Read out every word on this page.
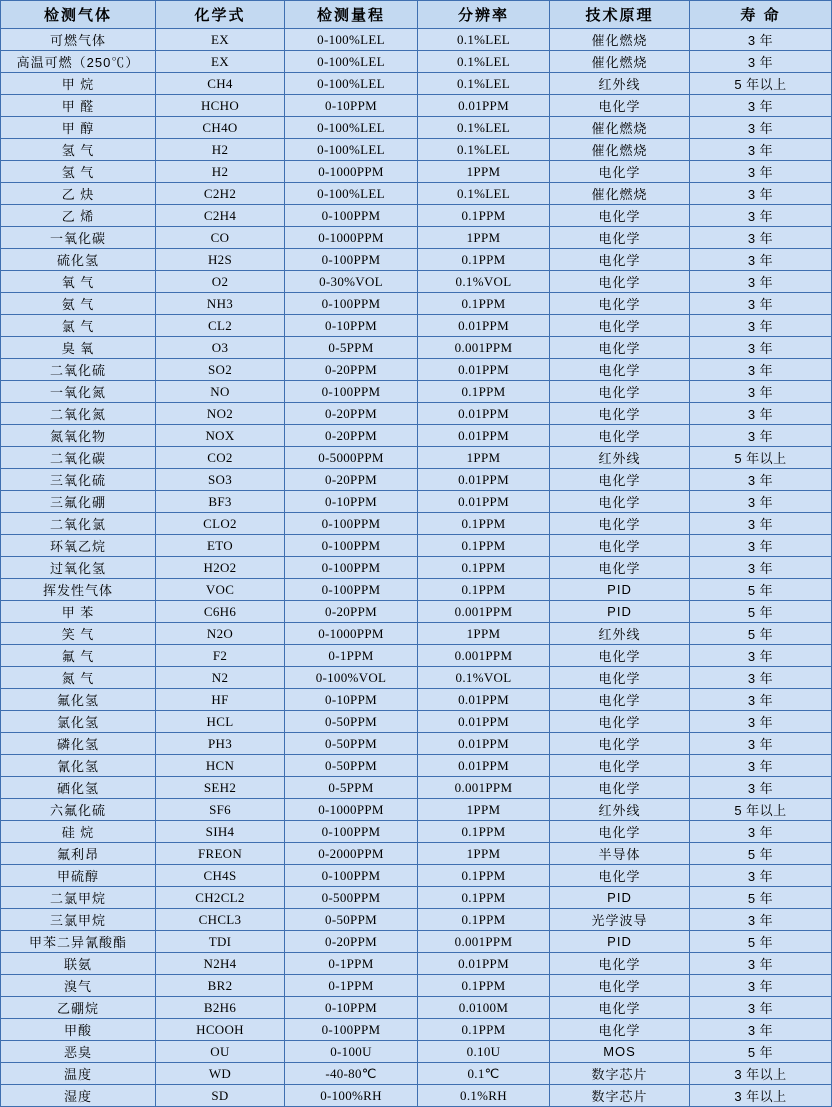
检测气体	化学式	检测量程	分辨率	技术原理	寿 命
可燃气体	EX	0-100%LEL	0.1%LEL	催化燃烧	3 年
高温可燃（250℃）	EX	0-100%LEL	0.1%LEL	催化燃烧	3 年
甲 烷	CH4	0-100%LEL	0.1%LEL	红外线	5 年以上
甲 醛	HCHO	0-10PPM	0.01PPM	电化学	3 年
甲 醇	CH4O	0-100%LEL	0.1%LEL	催化燃烧	3 年
氢 气	H2	0-100%LEL	0.1%LEL	催化燃烧	3 年
氢 气	H2	0-1000PPM	1PPM	电化学	3 年
乙 炔	C2H2	0-100%LEL	0.1%LEL	催化燃烧	3 年
乙 烯	C2H4	0-100PPM	0.1PPM	电化学	3 年
一氧化碳	CO	0-1000PPM	1PPM	电化学	3 年
硫化氢	H2S	0-100PPM	0.1PPM	电化学	3 年
氧 气	O2	0-30%VOL	0.1%VOL	电化学	3 年
氨 气	NH3	0-100PPM	0.1PPM	电化学	3 年
氯 气	CL2	0-10PPM	0.01PPM	电化学	3 年
臭 氧	O3	0-5PPM	0.001PPM	电化学	3 年
二氧化硫	SO2	0-20PPM	0.01PPM	电化学	3 年
一氧化氮	NO	0-100PPM	0.1PPM	电化学	3 年
二氧化氮	NO2	0-20PPM	0.01PPM	电化学	3 年
氮氧化物	NOX	0-20PPM	0.01PPM	电化学	3 年
二氧化碳	CO2	0-5000PPM	1PPM	红外线	5 年以上
三氧化硫	SO3	0-20PPM	0.01PPM	电化学	3 年
三氟化硼	BF3	0-10PPM	0.01PPM	电化学	3 年
二氧化氯	CLO2	0-100PPM	0.1PPM	电化学	3 年
环氧乙烷	ETO	0-100PPM	0.1PPM	电化学	3 年
过氧化氢	H2O2	0-100PPM	0.1PPM	电化学	3 年
挥发性气体	VOC	0-100PPM	0.1PPM	PID	5 年
甲 苯	C6H6	0-20PPM	0.001PPM	PID	5 年
笑 气	N2O	0-1000PPM	1PPM	红外线	5 年
氟 气	F2	0-1PPM	0.001PPM	电化学	3 年
氮 气	N2	0-100%VOL	0.1%VOL	电化学	3 年
氟化氢	HF	0-10PPM	0.01PPM	电化学	3 年
氯化氢	HCL	0-50PPM	0.01PPM	电化学	3 年
磷化氢	PH3	0-50PPM	0.01PPM	电化学	3 年
氰化氢	HCN	0-50PPM	0.01PPM	电化学	3 年
硒化氢	SEH2	0-5PPM	0.001PPM	电化学	3 年
六氟化硫	SF6	0-1000PPM	1PPM	红外线	5 年以上
硅 烷	SIH4	0-100PPM	0.1PPM	电化学	3 年
氟利昂	FREON	0-2000PPM	1PPM	半导体	5 年
甲硫醇	CH4S	0-100PPM	0.1PPM	电化学	3 年
二氯甲烷	CH2CL2	0-500PPM	0.1PPM	PID	5 年
三氯甲烷	CHCL3	0-50PPM	0.1PPM	光学波导	3 年
甲苯二异氰酸酯	TDI	0-20PPM	0.001PPM	PID	5 年
联氨	N2H4	0-1PPM	0.01PPM	电化学	3 年
溴气	BR2	0-1PPM	0.1PPM	电化学	3 年
乙硼烷	B2H6	0-10PPM	0.0100M	电化学	3 年
甲酸	HCOOH	0-100PPM	0.1PPM	电化学	3 年
恶臭	OU	0-100U	0.10U	MOS	5 年
温度	WD	-40-80℃	0.1℃	数字芯片	3 年以上
湿度	SD	0-100%RH	0.1%RH	数字芯片	3 年以上
